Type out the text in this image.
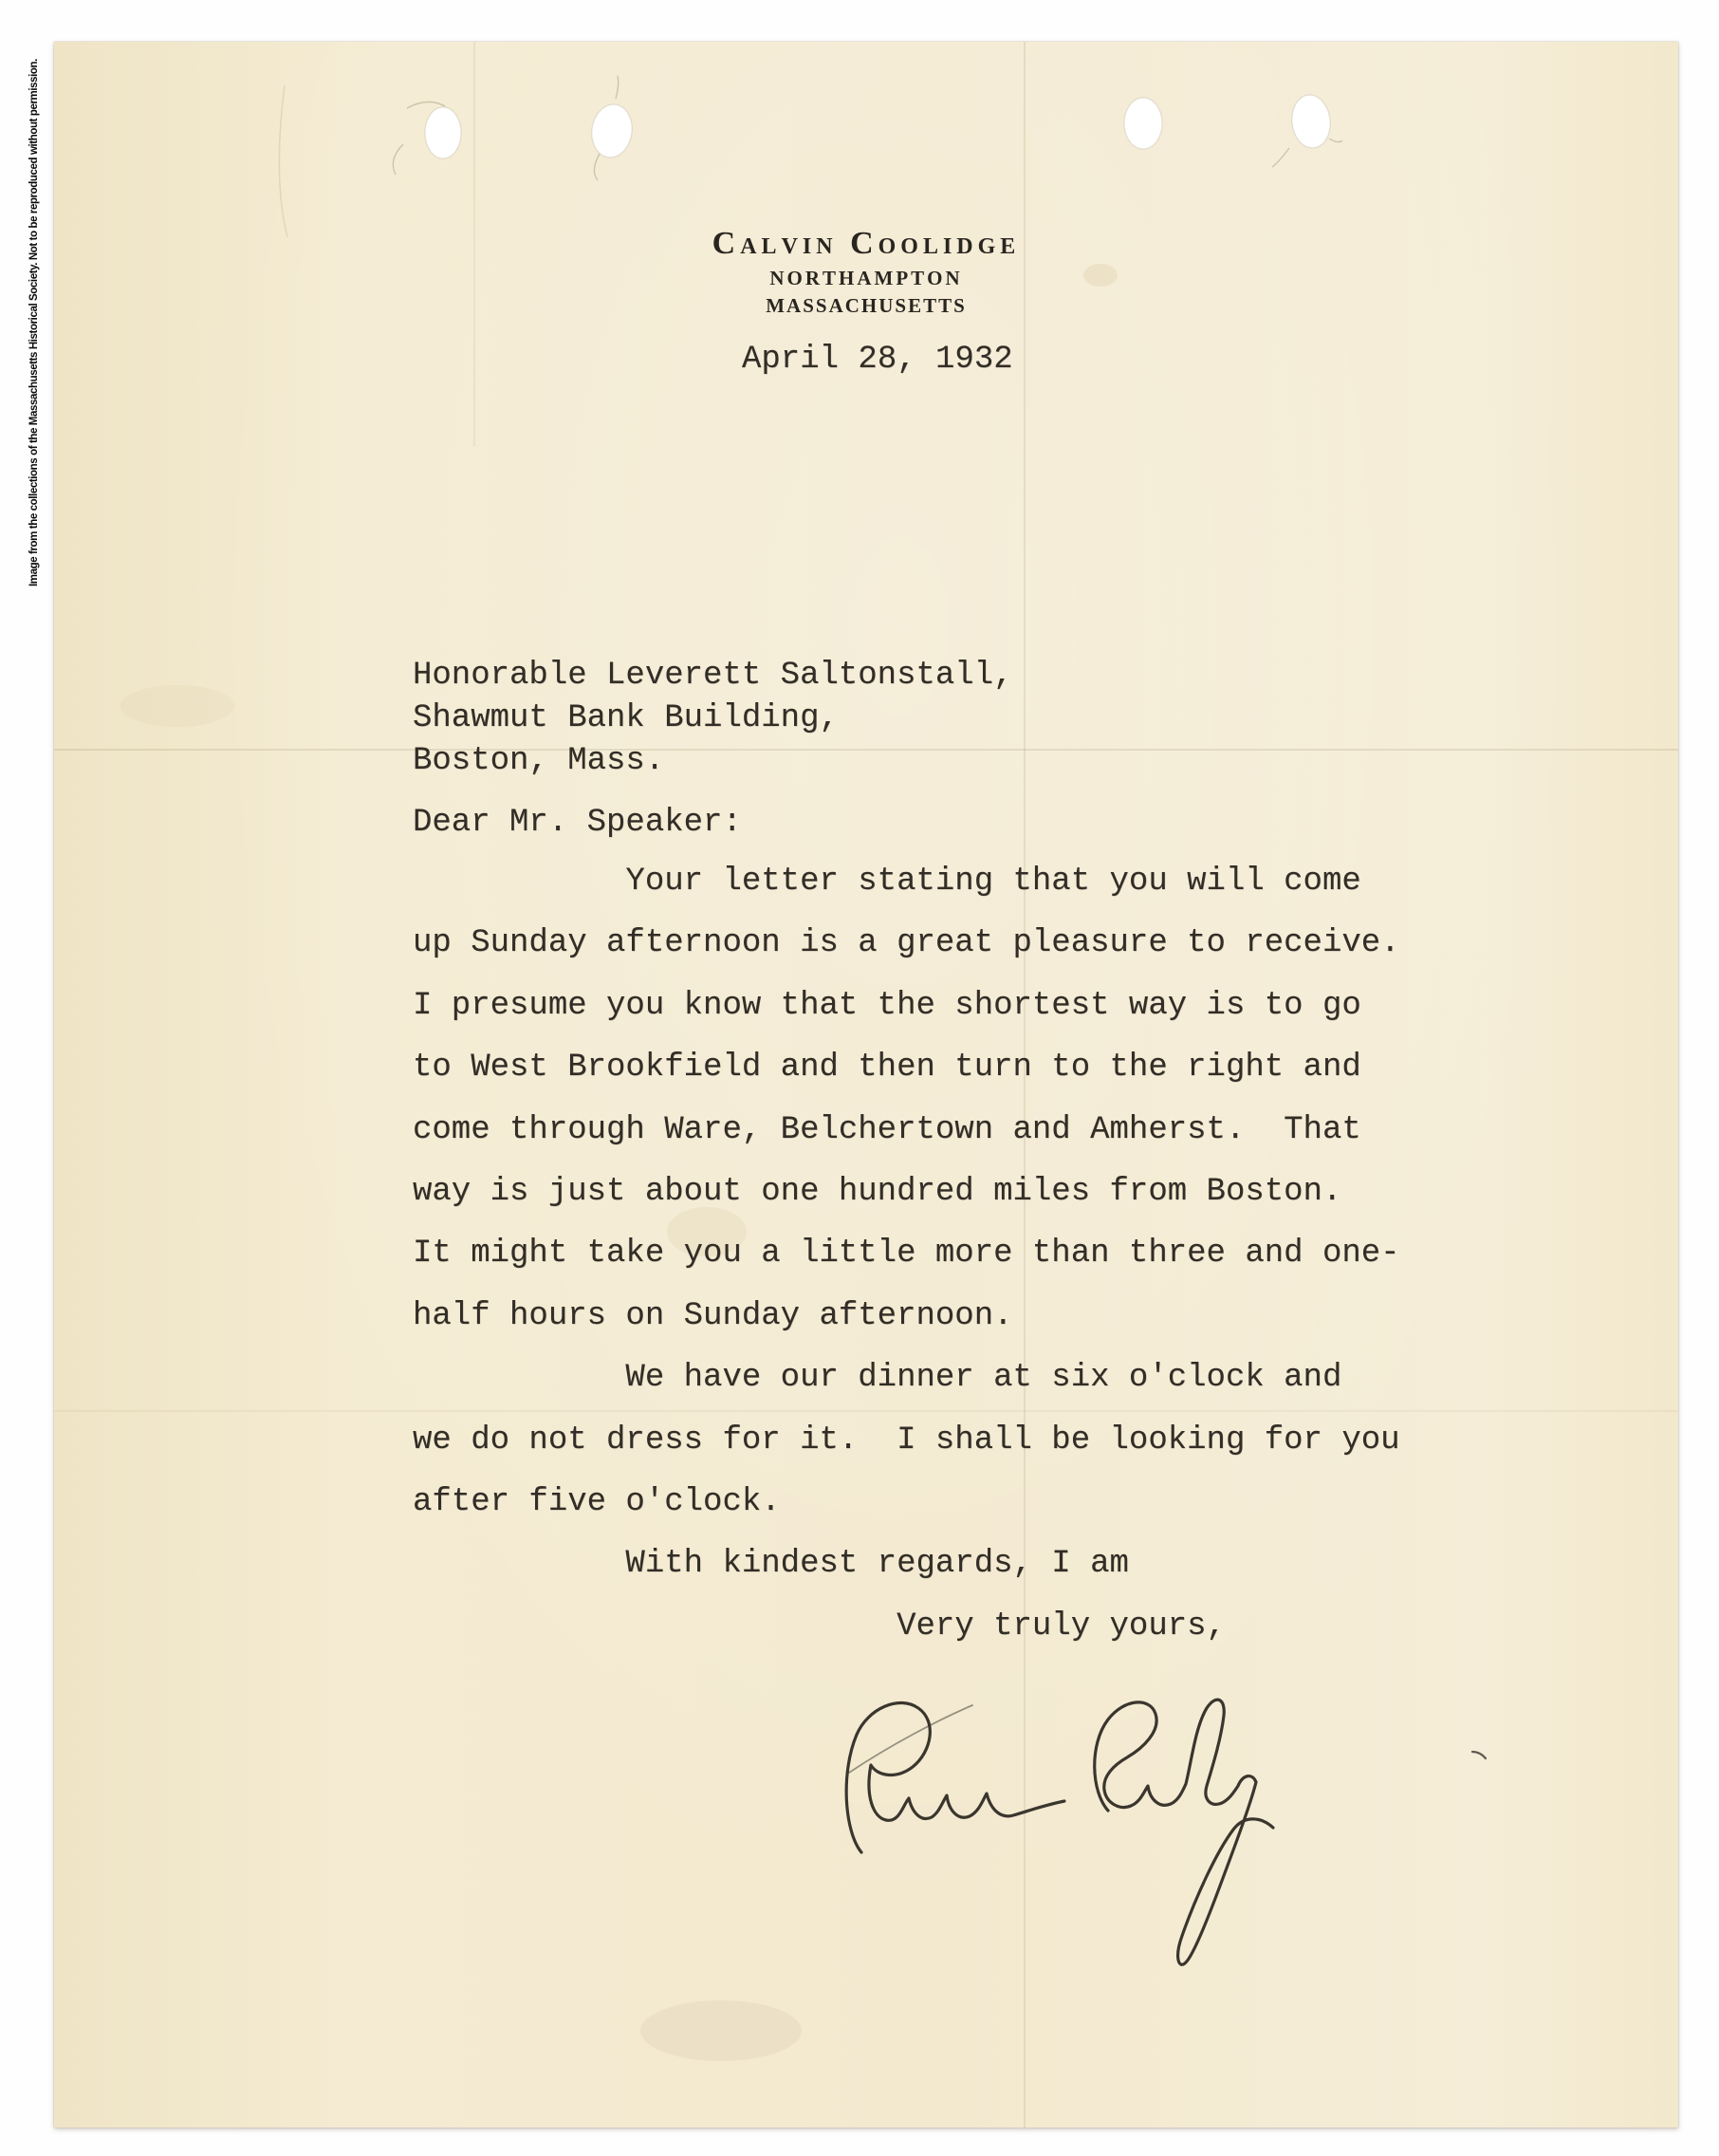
Image from the collections of the Massachusetts Historical Society. Not to be reproduced without permission.	Calvin Coolidge
NORTHAMPTON
MASSACHUSETTS
April 28, 1932
Honorable Leverett Saltonstall,
Shawmut Bank Building,
Boston, Mass.
Dear Mr. Speaker:
Your letter stating that you will come
up Sunday afternoon is a great pleasure to receive.
I presume you know that the shortest way is to go
to West Brookfield and then turn to the right and
come through Ware, Belchertown and Amherst.  That
way is just about one hundred miles from Boston.
It might take you a little more than three and one-
half hours on Sunday afternoon.
We have our dinner at six o'clock and
we do not dress for it.  I shall be looking for you
after five o'clock.
With kindest regards, I am
Very truly yours,
